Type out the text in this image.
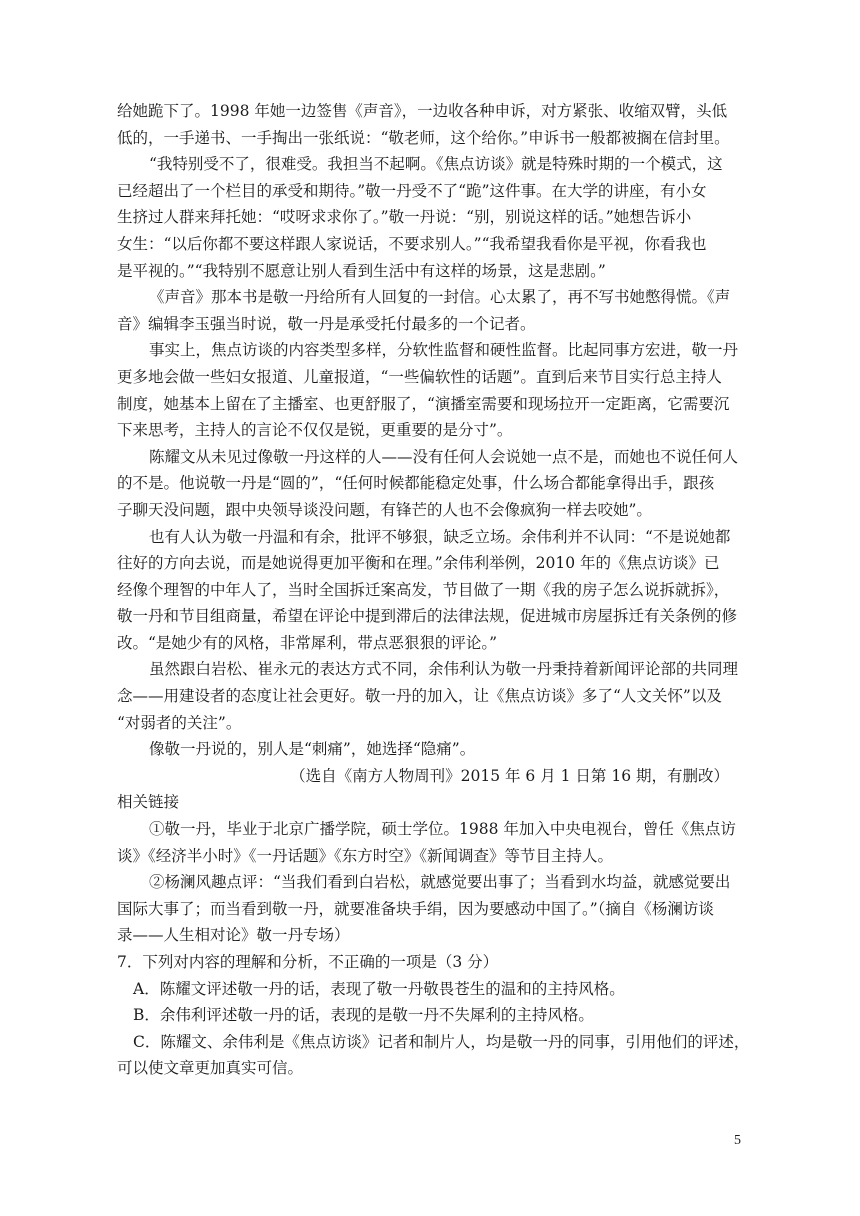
给她跪下了。1998 年她一边签售《声音》，一边收各种申诉，对方紧张、收缩双臂，头低
低的，一手递书、一手掏出一张纸说：“敬老师，这个给你。”申诉书一般都被搁在信封里。
“我特别受不了，很难受。我担当不起啊。《焦点访谈》就是特殊时期的一个模式，这
已经超出了一个栏目的承受和期待。”敬一丹受不了“跪”这件事。在大学的讲座，有小女
生挤过人群来拜托她：“哎呀求求你了。”敬一丹说：“别，别说这样的话。”她想告诉小
女生：“以后你都不要这样跟人家说话，不要求别人。”“我希望我看你是平视，你看我也
是平视的。”“我特别不愿意让别人看到生活中有这样的场景，这是悲剧。”
《声音》那本书是敬一丹给所有人回复的一封信。心太累了，再不写书她憋得慌。《声
音》编辑李玉强当时说，敬一丹是承受托付最多的一个记者。
事实上，焦点访谈的内容类型多样，分软性监督和硬性监督。比起同事方宏进，敬一丹
更多地会做一些妇女报道、儿童报道，“一些偏软性的话题”。直到后来节目实行总主持人
制度，她基本上留在了主播室、也更舒服了，“演播室需要和现场拉开一定距离，它需要沉
下来思考，主持人的言论不仅仅是锐，更重要的是分寸”。
陈耀文从未见过像敬一丹这样的人——没有任何人会说她一点不是，而她也不说任何人
的不是。他说敬一丹是“圆的”，“任何时候都能稳定处事，什么场合都能拿得出手，跟孩
子聊天没问题，跟中央领导谈没问题，有锋芒的人也不会像疯狗一样去咬她”。
也有人认为敬一丹温和有余，批评不够狠，缺乏立场。余伟利并不认同：“不是说她都
往好的方向去说，而是她说得更加平衡和在理。”余伟利举例，2010 年的《焦点访谈》已
经像个理智的中年人了，当时全国拆迁案高发，节目做了一期《我的房子怎么说拆就拆》，
敬一丹和节目组商量，希望在评论中提到滞后的法律法规，促进城市房屋拆迁有关条例的修
改。“是她少有的风格，非常犀利，带点恶狠狠的评论。”
虽然跟白岩松、崔永元的表达方式不同，余伟利认为敬一丹秉持着新闻评论部的共同理
念——用建设者的态度让社会更好。敬一丹的加入，让《焦点访谈》多了“人文关怀”以及
“对弱者的关注”。
像敬一丹说的，别人是“刺痛”，她选择“隐痛”。
（选自《南方人物周刊》2015 年 6 月 1 日第 16 期，有删改）
相关链接
①敬一丹，毕业于北京广播学院，硕士学位。1988 年加入中央电视台，曾任《焦点访
谈》《经济半小时》《一丹话题》《东方时空》《新闻调查》等节目主持人。
②杨澜风趣点评：“当我们看到白岩松，就感觉要出事了；当看到水均益，就感觉要出
国际大事了；而当看到敬一丹，就要准备块手绢，因为要感动中国了。”（摘自《杨澜访谈
录——人生相对论》敬一丹专场）
7．下列对内容的理解和分析，不正确的一项是（3 分）
A．陈耀文评述敬一丹的话，表现了敬一丹敬畏苍生的温和的主持风格。
B．余伟利评述敬一丹的话，表现的是敬一丹不失犀利的主持风格。
C．陈耀文、余伟利是《焦点访谈》记者和制片人，均是敬一丹的同事，引用他们的评述，
可以使文章更加真实可信。
5
